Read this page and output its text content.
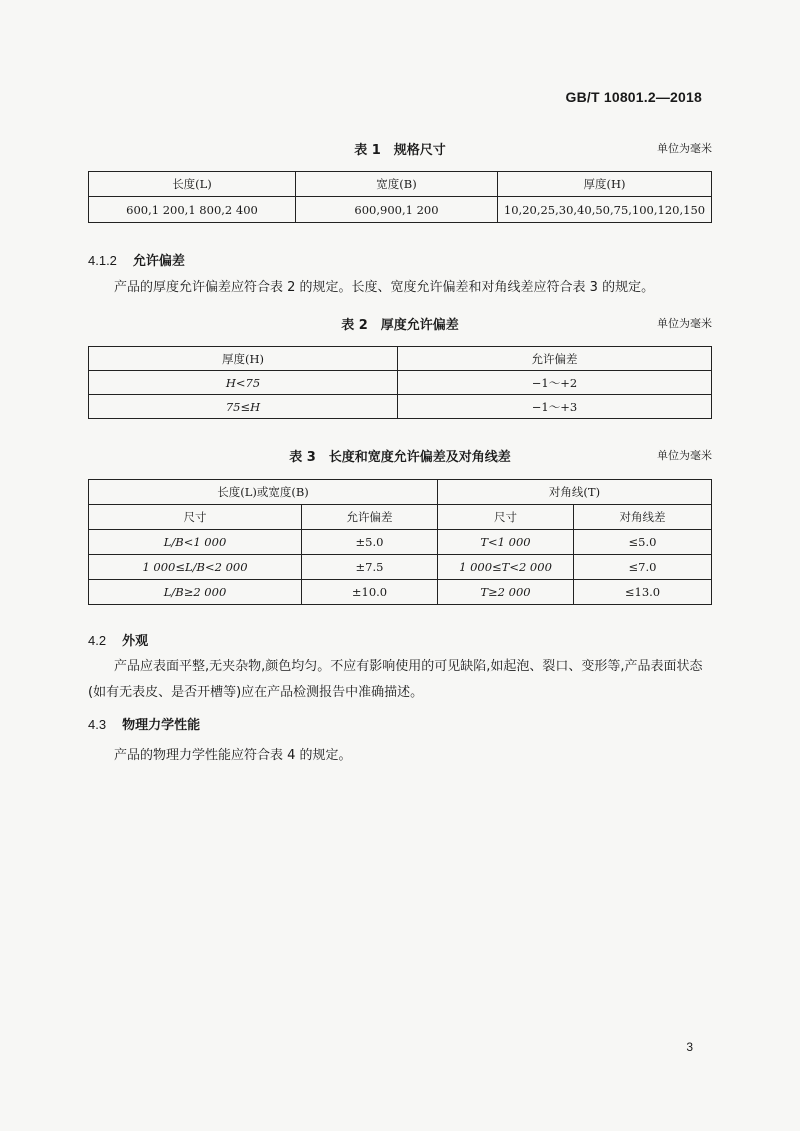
GB/T 10801.2—2018
表 1　规格尺寸	单位为毫米
长度(L)	宽度(B)	厚度(H)
600,1 200,1 800,2 400	600,900,1 200	10,20,25,30,40,50,75,100,120,150
4.1.2 允许偏差
产品的厚度允许偏差应符合表 2 的规定。长度、宽度允许偏差和对角线差应符合表 3 的规定。
表 2　厚度允许偏差	单位为毫米
厚度(H)	允许偏差
H<75	−1～+2
75≤H	−1～+3
表 3　长度和宽度允许偏差及对角线差	单位为毫米
长度(L)或宽度(B)		对角线(T)	
尺寸	允许偏差	尺寸	对角线差
L/B<1 000	±5.0	T<1 000	≤5.0
1 000≤L/B<2 000	±7.5	1 000≤T<2 000	≤7.0
L/B≥2 000	±10.0	T≥2 000	≤13.0
4.2 外观
产品应表面平整,无夹杂物,颜色均匀。不应有影响使用的可见缺陷,如起泡、裂口、变形等,产品表面状态(如有无表皮、是否开槽等)应在产品检测报告中准确描述。
4.3 物理力学性能
产品的物理力学性能应符合表 4 的规定。
3
